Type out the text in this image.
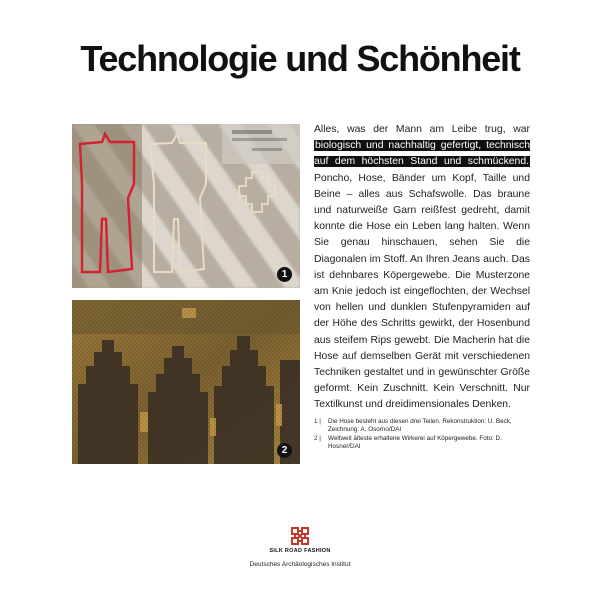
Technologie und Schönheit
1
2
Alles, was der Mann am Leibe trug, war biologisch und nachhaltig gefertigt, technisch auf dem höchsten Stand und schmückend. Poncho, Hose, Bänder um Kopf, Taille und Beine – alles aus Schafswolle. Das braune und naturweiße Garn reißfest gedreht, damit konnte die Hose ein Leben lang halten. Wenn Sie genau hinschauen, sehen Sie die Diagonalen im Stoff. An Ihren Jeans auch. Das ist dehnbares Köpergewebe. Die Musterzone am Knie jedoch ist eingeflochten, der Wechsel von hellen und dunklen Stufenpyramiden auf der Höhe des Schritts gewirkt, der Hosenbund aus steifem Rips gewebt. Die Macherin hat die Hose auf demselben Gerät mit verschiedenen Techniken gestaltet und in gewünschter Größe geformt. Kein Zuschnitt. Kein Verschnitt. Nur Textilkunst und dreidimensionales Denken.
1 |	Die Hose besteht aus diesen drei Teilen. Rekonstruktion: U. Beck, Zeichnung: A. Osorno/DAI
2 |	Weltweit älteste erhaltene Wirkerei auf Köpergewebe. Foto: D. Hosner/DAI
SILK ROAD FASHION
Deutsches Archäologisches Institut
